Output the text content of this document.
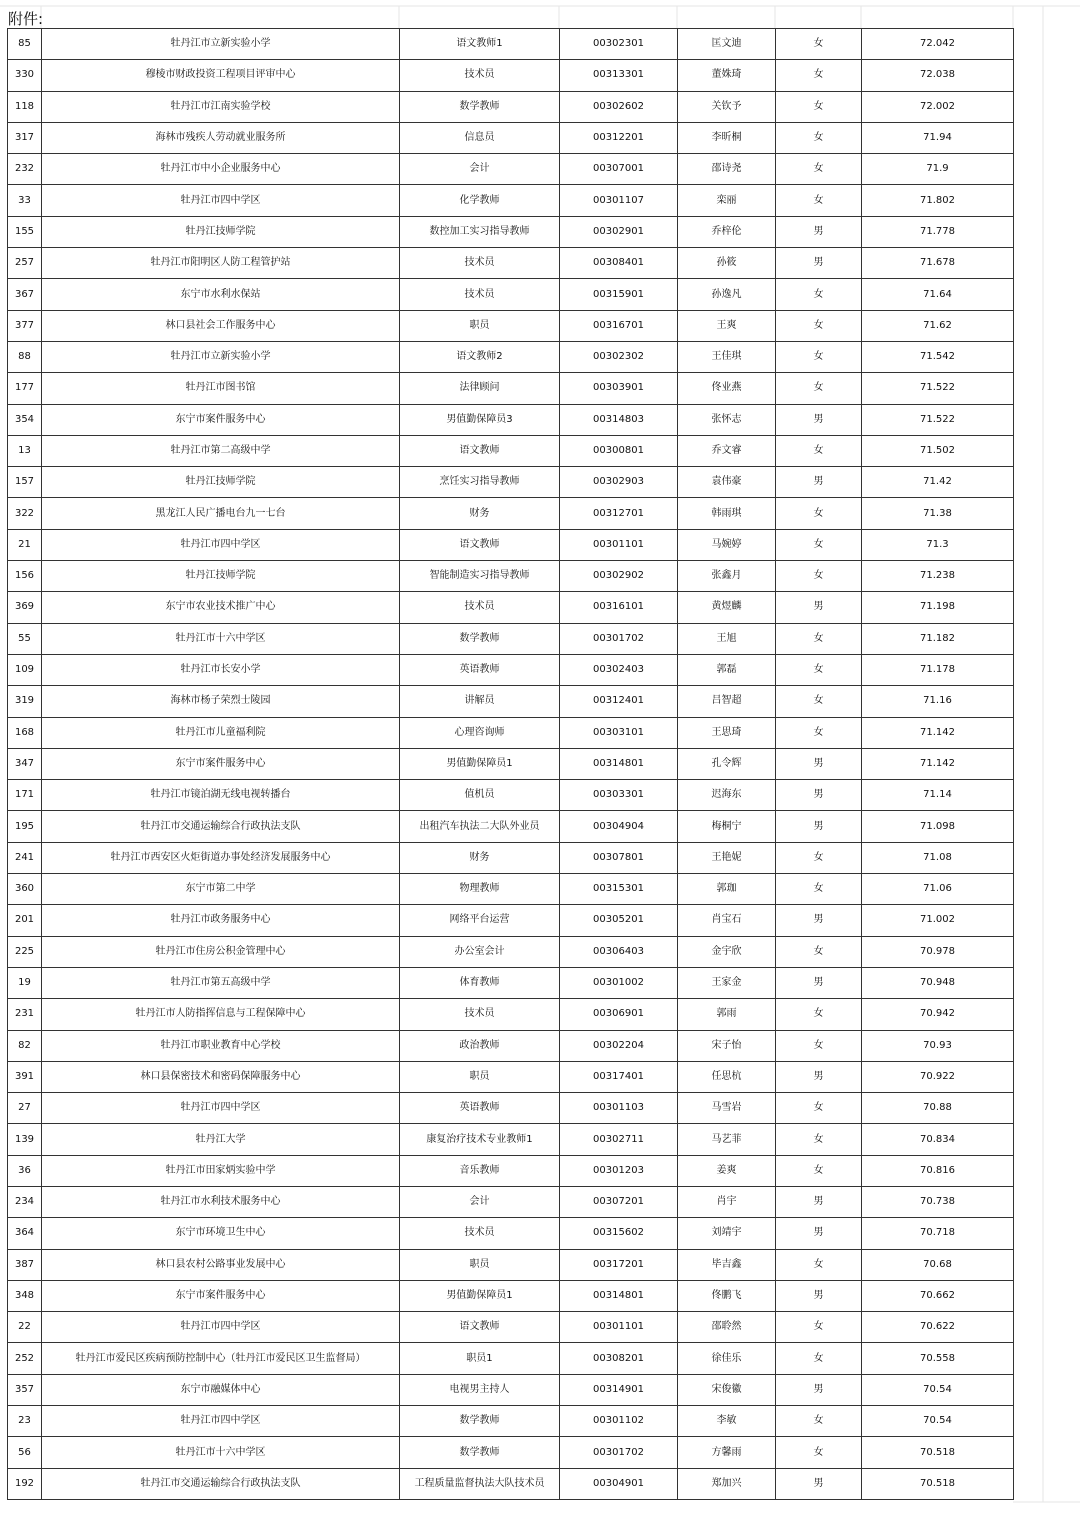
附件:
85	牡丹江市立新实验小学	语文教师1	00302301	匡文迪	女	72.042
330	穆棱市财政投资工程项目评审中心	技术员	00313301	董姝琦	女	72.038
118	牡丹江市江南实验学校	数学教师	00302602	关钦予	女	72.002
317	海林市残疾人劳动就业服务所	信息员	00312201	李昕桐	女	71.94
232	牡丹江市中小企业服务中心	会计	00307001	邵诗尧	女	71.9
33	牡丹江市四中学区	化学教师	00301107	栾丽	女	71.802
155	牡丹江技师学院	数控加工实习指导教师	00302901	乔梓伦	男	71.778
257	牡丹江市阳明区人防工程管护站	技术员	00308401	孙筱	男	71.678
367	东宁市水利水保站	技术员	00315901	孙逸凡	女	71.64
377	林口县社会工作服务中心	职员	00316701	王爽	女	71.62
88	牡丹江市立新实验小学	语文教师2	00302302	王佳琪	女	71.542
177	牡丹江市图书馆	法律顾问	00303901	佟业燕	女	71.522
354	东宁市案件服务中心	男值勤保障员3	00314803	张怀志	男	71.522
13	牡丹江市第二高级中学	语文教师	00300801	乔文睿	女	71.502
157	牡丹江技师学院	烹饪实习指导教师	00302903	袁伟豪	男	71.42
322	黑龙江人民广播电台九一七台	财务	00312701	韩雨琪	女	71.38
21	牡丹江市四中学区	语文教师	00301101	马婉婷	女	71.3
156	牡丹江技师学院	智能制造实习指导教师	00302902	张鑫月	女	71.238
369	东宁市农业技术推广中心	技术员	00316101	黄煜麟	男	71.198
55	牡丹江市十六中学区	数学教师	00301702	王旭	女	71.182
109	牡丹江市长安小学	英语教师	00302403	郭磊	女	71.178
319	海林市杨子荣烈士陵园	讲解员	00312401	吕智超	女	71.16
168	牡丹江市儿童福利院	心理咨询师	00303101	王思琦	女	71.142
347	东宁市案件服务中心	男值勤保障员1	00314801	孔令辉	男	71.142
171	牡丹江市镜泊湖无线电视转播台	值机员	00303301	迟海东	男	71.14
195	牡丹江市交通运输综合行政执法支队	出租汽车执法二大队外业员	00304904	梅桐宁	男	71.098
241	牡丹江市西安区火炬街道办事处经济发展服务中心	财务	00307801	王艳妮	女	71.08
360	东宁市第二中学	物理教师	00315301	郭珈	女	71.06
201	牡丹江市政务服务中心	网络平台运营	00305201	肖宝石	男	71.002
225	牡丹江市住房公积金管理中心	办公室会计	00306403	金宇欣	女	70.978
19	牡丹江市第五高级中学	体育教师	00301002	王家金	男	70.948
231	牡丹江市人防指挥信息与工程保障中心	技术员	00306901	郭雨	女	70.942
82	牡丹江市职业教育中心学校	政治教师	00302204	宋子怡	女	70.93
391	林口县保密技术和密码保障服务中心	职员	00317401	任思杭	男	70.922
27	牡丹江市四中学区	英语教师	00301103	马雪岩	女	70.88
139	牡丹江大学	康复治疗技术专业教师1	00302711	马艺菲	女	70.834
36	牡丹江市田家炳实验中学	音乐教师	00301203	姜爽	女	70.816
234	牡丹江市水利技术服务中心	会计	00307201	肖宇	男	70.738
364	东宁市环境卫生中心	技术员	00315602	刘靖宇	男	70.718
387	林口县农村公路事业发展中心	职员	00317201	毕吉鑫	女	70.68
348	东宁市案件服务中心	男值勤保障员1	00314801	佟鹏飞	男	70.662
22	牡丹江市四中学区	语文教师	00301101	邵聆然	女	70.622
252	牡丹江市爱民区疾病预防控制中心（牡丹江市爱民区卫生监督局）	职员1	00308201	徐佳乐	女	70.558
357	东宁市融媒体中心	电视男主持人	00314901	宋俊徽	男	70.54
23	牡丹江市四中学区	数学教师	00301102	李敏	女	70.54
56	牡丹江市十六中学区	数学教师	00301702	方馨雨	女	70.518
192	牡丹江市交通运输综合行政执法支队	工程质量监督执法大队技术员	00304901	郑加兴	男	70.518
